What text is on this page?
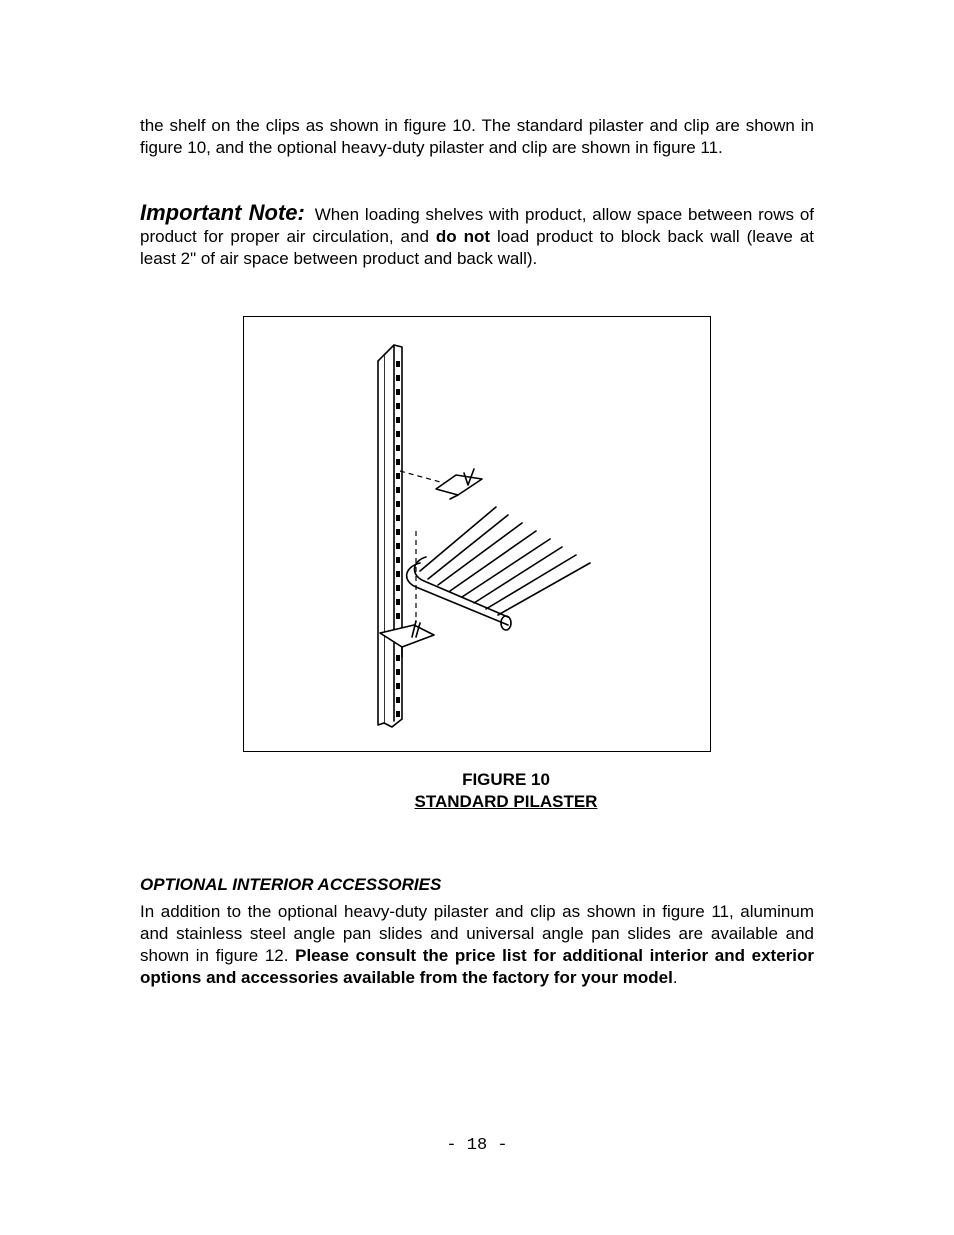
the shelf on the clips as shown in figure 10. The standard pilaster and clip are shown in figure 10, and the optional heavy-duty pilaster and clip are shown in figure 11.

Important Note: When loading shelves with product, allow space between rows of product for proper air circulation, and do not load product to block back wall (leave at least 2" of air space between product and back wall).

FIGURE 10

STANDARD PILASTER

OPTIONAL INTERIOR ACCESSORIES

In addition to the optional heavy-duty pilaster and clip as shown in figure 11, aluminum and stainless steel angle pan slides and universal angle pan slides are available and shown in figure 12. Please consult the price list for additional interior and exterior options and accessories available from the factory for your model.

- 18 -
